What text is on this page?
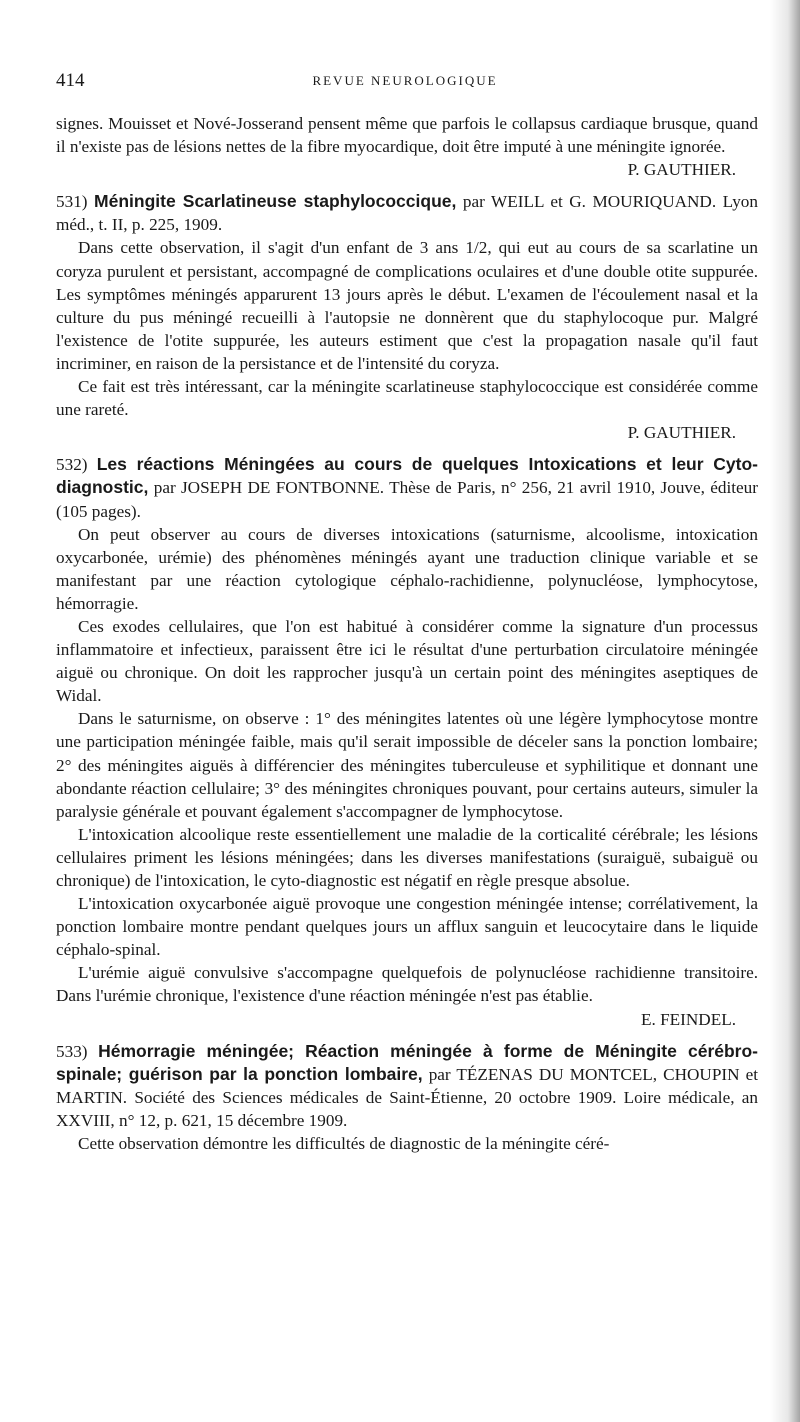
414	REVUE NEUROLOGIQUE

signes. Mouisset et Nové-Josserand pensent même que parfois le collapsus cardiaque brusque, quand il n'existe pas de lésions nettes de la fibre myocardique, doit être imputé à une méningite ignorée.

P. GAUTHIER.

531) Méningite Scarlatineuse staphylococcique, par WEILL et G. MOURIQUAND. Lyon méd., t. II, p. 225, 1909.

Dans cette observation, il s'agit d'un enfant de 3 ans 1/2, qui eut au cours de sa scarlatine un coryza purulent et persistant, accompagné de complications oculaires et d'une double otite suppurée. Les symptômes méningés apparurent 13 jours après le début. L'examen de l'écoulement nasal et la culture du pus méningé recueilli à l'autopsie ne donnèrent que du staphylocoque pur. Malgré l'existence de l'otite suppurée, les auteurs estiment que c'est la propagation nasale qu'il faut incriminer, en raison de la persistance et de l'intensité du coryza.

Ce fait est très intéressant, car la méningite scarlatineuse staphylococcique est considérée comme une rareté.

P. GAUTHIER.

532) Les réactions Méningées au cours de quelques Intoxications et leur Cyto-diagnostic, par JOSEPH DE FONTBONNE. Thèse de Paris, n° 256, 21 avril 1910, Jouve, éditeur (105 pages).

On peut observer au cours de diverses intoxications (saturnisme, alcoolisme, intoxication oxycarbonée, urémie) des phénomènes méningés ayant une traduction clinique variable et se manifestant par une réaction cytologique céphalo-rachidienne, polynucléose, lymphocytose, hémorragie.

Ces exodes cellulaires, que l'on est habitué à considérer comme la signature d'un processus inflammatoire et infectieux, paraissent être ici le résultat d'une perturbation circulatoire méningée aiguë ou chronique. On doit les rapprocher jusqu'à un certain point des méningites aseptiques de Widal.

Dans le saturnisme, on observe : 1° des méningites latentes où une légère lymphocytose montre une participation méningée faible, mais qu'il serait impossible de déceler sans la ponction lombaire; 2° des méningites aiguës à différencier des méningites tuberculeuse et syphilitique et donnant une abondante réaction cellulaire; 3° des méningites chroniques pouvant, pour certains auteurs, simuler la paralysie générale et pouvant également s'accompagner de lymphocytose.

L'intoxication alcoolique reste essentiellement une maladie de la corticalité cérébrale; les lésions cellulaires priment les lésions méningées; dans les diverses manifestations (suraiguë, subaiguë ou chronique) de l'intoxication, le cyto-diagnostic est négatif en règle presque absolue.

L'intoxication oxycarbonée aiguë provoque une congestion méningée intense; corrélativement, la ponction lombaire montre pendant quelques jours un afflux sanguin et leucocytaire dans le liquide céphalo-spinal.

L'urémie aiguë convulsive s'accompagne quelquefois de polynucléose rachidienne transitoire. Dans l'urémie chronique, l'existence d'une réaction méningée n'est pas établie.

E. FEINDEL.

533) Hémorragie méningée; Réaction méningée à forme de Méningite cérébro-spinale; guérison par la ponction lombaire, par TÉZENAS DU MONTCEL, CHOUPIN et MARTIN. Société des Sciences médicales de Saint-Étienne, 20 octobre 1909. Loire médicale, an XXVIII, n° 12, p. 621, 15 décembre 1909.

Cette observation démontre les difficultés de diagnostic de la méningite céré-
